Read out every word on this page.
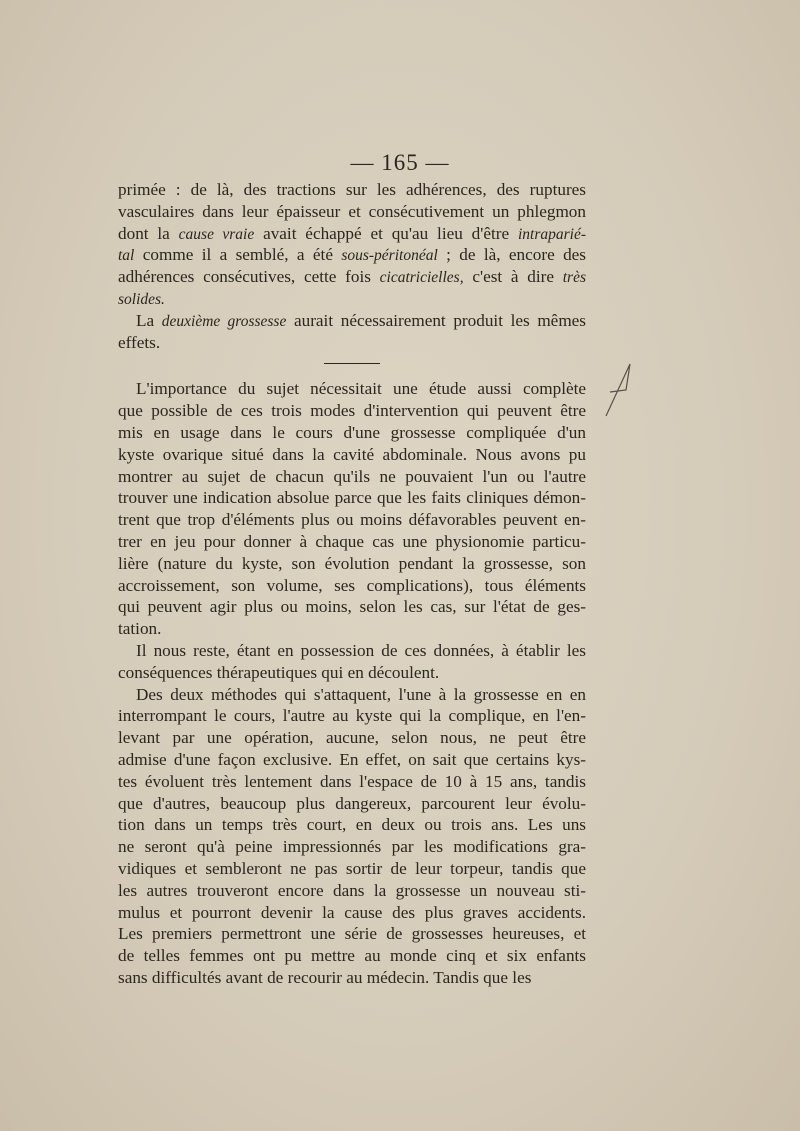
— 165 —
primée : de là, des tractions sur les adhérences, des ruptures
vasculaires dans leur épaisseur et consécutivement un phlegmon
dont la cause vraie avait échappé et qu'au lieu d'être intraparié-
tal comme il a semblé, a été sous-péritonéal ; de là, encore des
adhérences consécutives, cette fois cicatricielles, c'est à dire très
solides.
La deuxième grossesse aurait nécessairement produit les mêmes
effets.
L'importance du sujet nécessitait une étude aussi complète
que possible de ces trois modes d'intervention qui peuvent être
mis en usage dans le cours d'une grossesse compliquée d'un
kyste ovarique situé dans la cavité abdominale. Nous avons pu
montrer au sujet de chacun qu'ils ne pouvaient l'un ou l'autre
trouver une indication absolue parce que les faits cliniques démon-
trent que trop d'éléments plus ou moins défavorables peuvent en-
trer en jeu pour donner à chaque cas une physionomie particu-
lière (nature du kyste, son évolution pendant la grossesse, son
accroissement, son volume, ses complications), tous éléments
qui peuvent agir plus ou moins, selon les cas, sur l'état de ges-
tation.
Il nous reste, étant en possession de ces données, à établir les
conséquences thérapeutiques qui en découlent.
Des deux méthodes qui s'attaquent, l'une à la grossesse en en
interrompant le cours, l'autre au kyste qui la complique, en l'en-
levant par une opération, aucune, selon nous, ne peut être
admise d'une façon exclusive. En effet, on sait que certains kys-
tes évoluent très lentement dans l'espace de 10 à 15 ans, tandis
que d'autres, beaucoup plus dangereux, parcourent leur évolu-
tion dans un temps très court, en deux ou trois ans. Les uns
ne seront qu'à peine impressionnés par les modifications gra-
vidiques et sembleront ne pas sortir de leur torpeur, tandis que
les autres trouveront encore dans la grossesse un nouveau sti-
mulus et pourront devenir la cause des plus graves accidents.
Les premiers permettront une série de grossesses heureuses, et
de telles femmes ont pu mettre au monde cinq et six enfants
sans difficultés avant de recourir au médecin. Tandis que les
